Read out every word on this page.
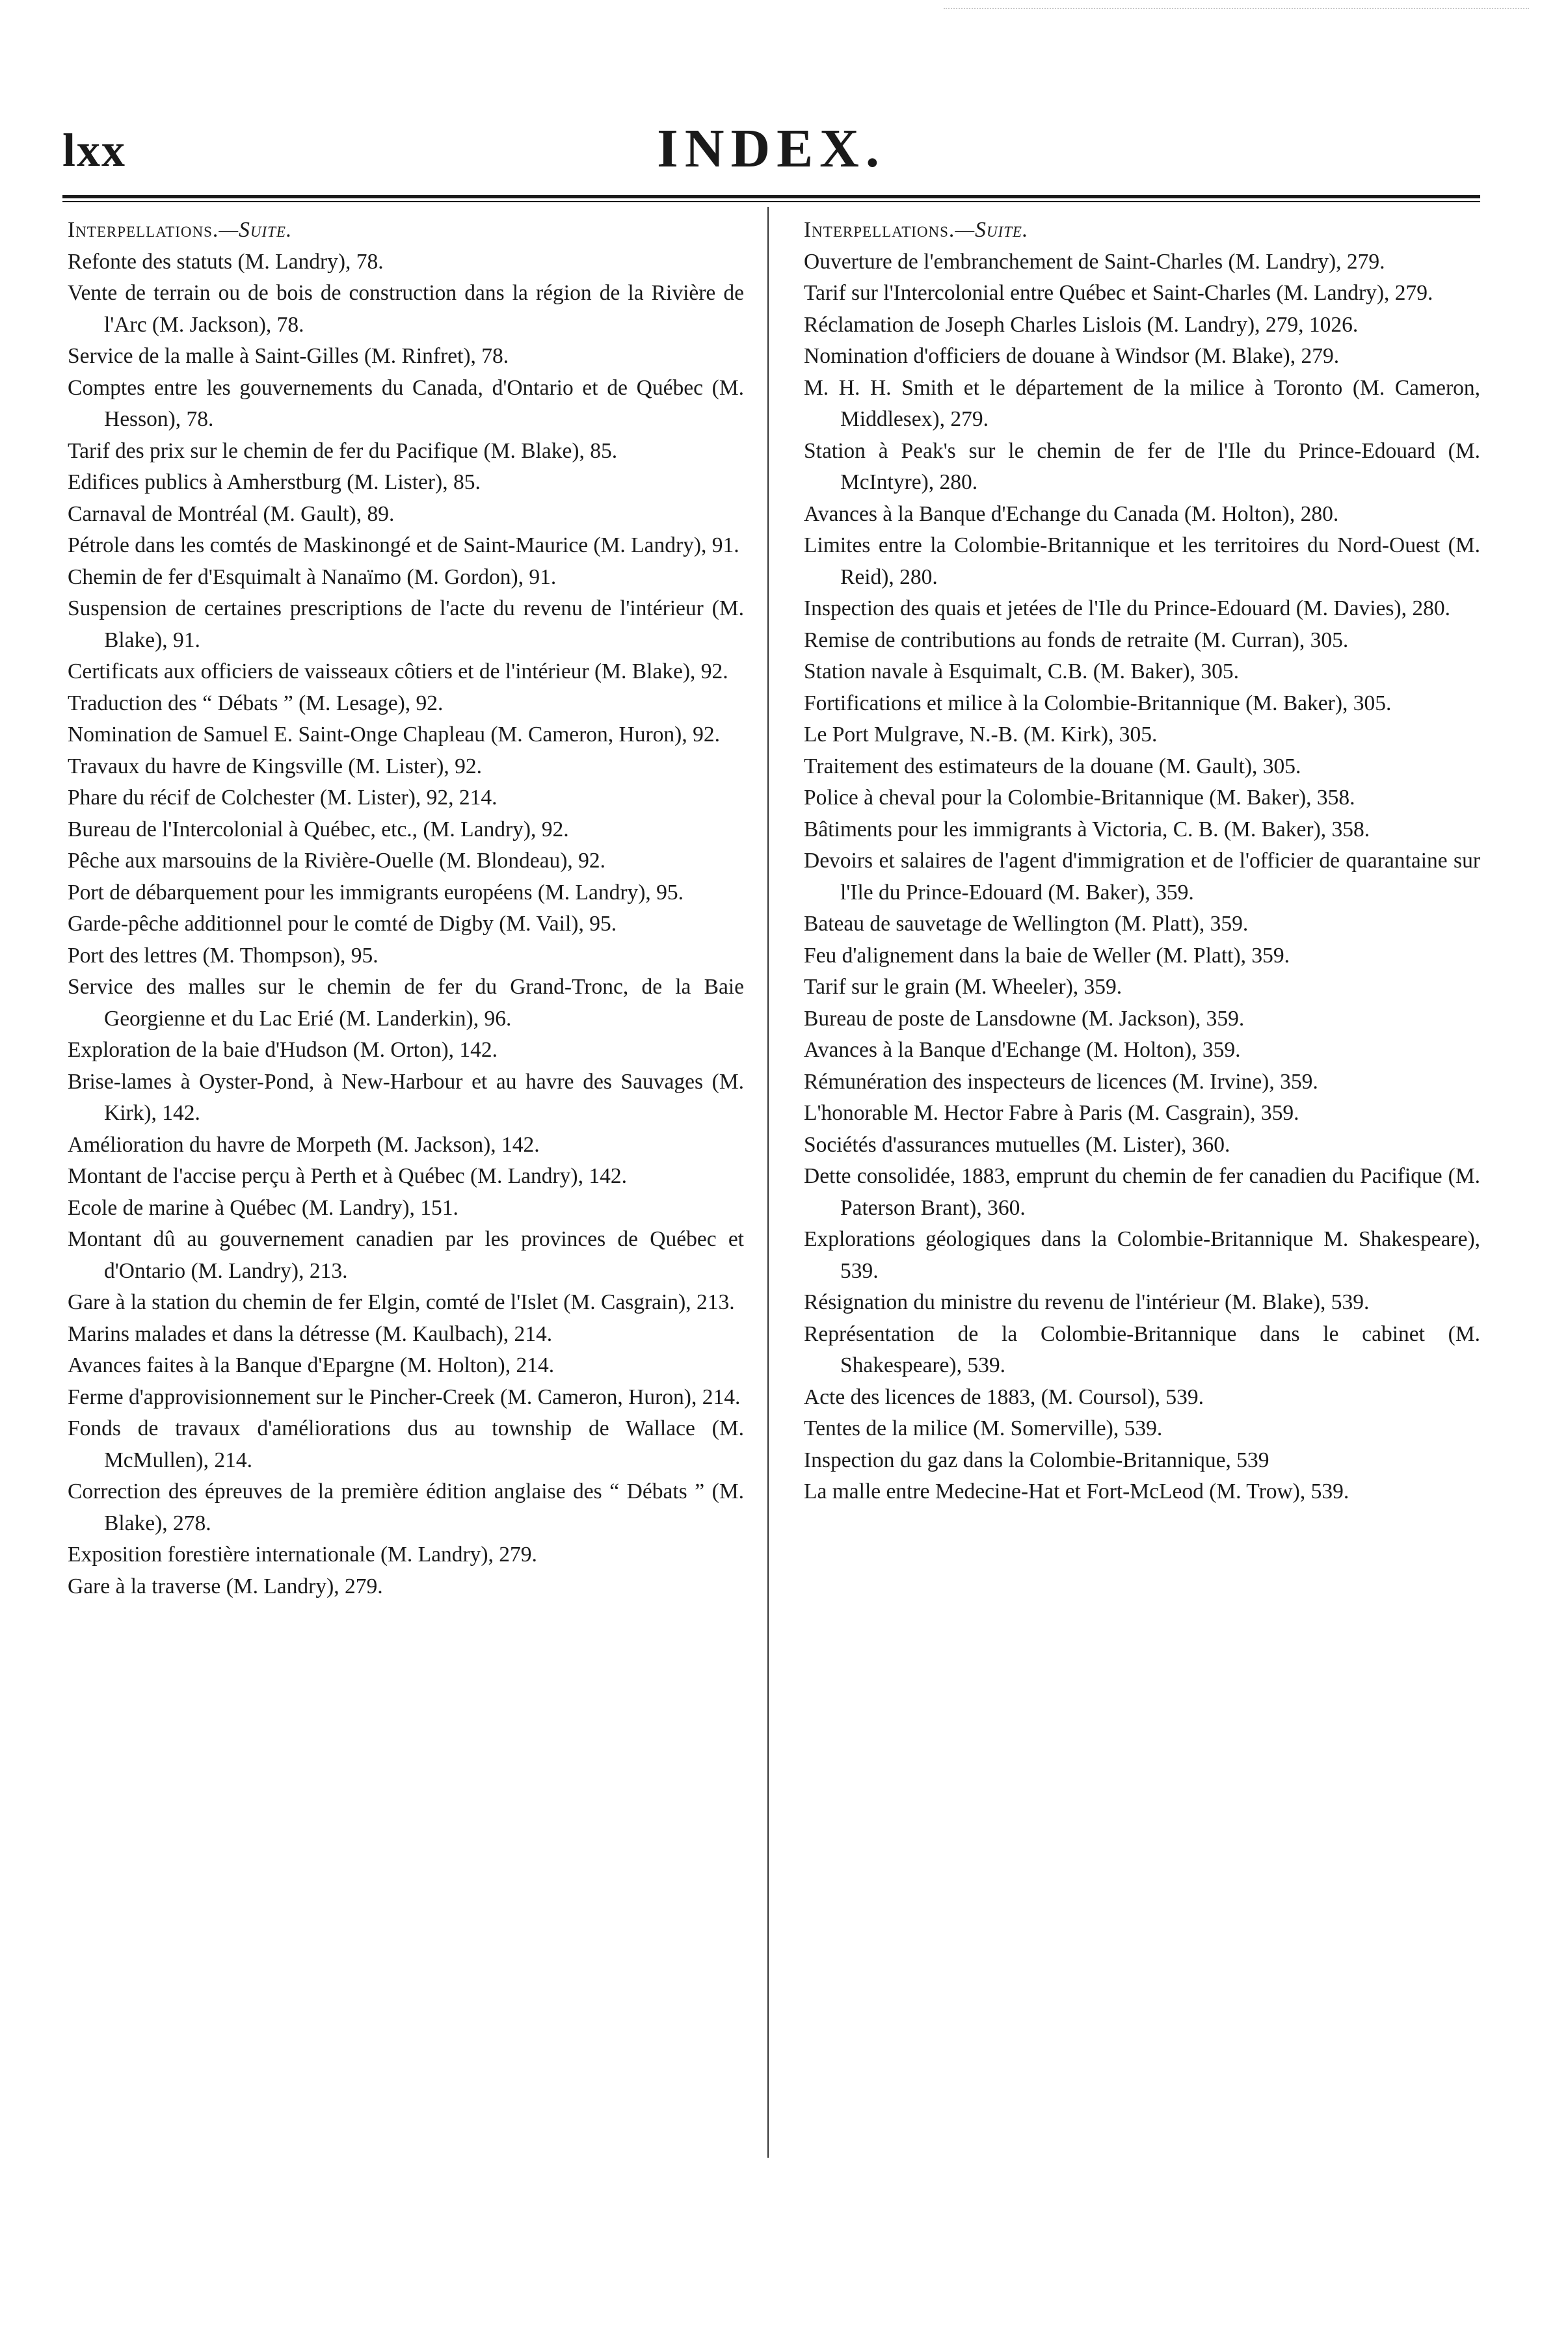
lxx	INDEX.
Interpellations.—Suite.

Refonte des statuts (M. Landry), 78.

Vente de terrain ou de bois de construction dans la région de la Rivière de l'Arc (M. Jackson), 78.

Service de la malle à Saint-Gilles (M. Rinfret), 78.

Comptes entre les gouvernements du Canada, d'Ontario et de Québec (M. Hesson), 78.

Tarif des prix sur le chemin de fer du Pacifique (M. Blake), 85.

Edifices publics à Amherstburg (M. Lister), 85.

Carnaval de Montréal (M. Gault), 89.

Pétrole dans les comtés de Maskinongé et de Saint-Maurice (M. Landry), 91.

Chemin de fer d'Esquimalt à Nanaïmo (M. Gordon), 91.

Suspension de certaines prescriptions de l'acte du revenu de l'intérieur (M. Blake), 91.

Certificats aux officiers de vaisseaux côtiers et de l'intérieur (M. Blake), 92.

Traduction des “ Débats ” (M. Lesage), 92.

Nomination de Samuel E. Saint-Onge Chapleau (M. Cameron, Huron), 92.

Travaux du havre de Kingsville (M. Lister), 92.

Phare du récif de Colchester (M. Lister), 92, 214.

Bureau de l'Intercolonial à Québec, etc., (M. Landry), 92.

Pêche aux marsouins de la Rivière-Ouelle (M. Blondeau), 92.

Port de débarquement pour les immigrants européens (M. Landry), 95.

Garde-pêche additionnel pour le comté de Digby (M. Vail), 95.

Port des lettres (M. Thompson), 95.

Service des malles sur le chemin de fer du Grand-Tronc, de la Baie Georgienne et du Lac Erié (M. Landerkin), 96.

Exploration de la baie d'Hudson (M. Orton), 142.

Brise-lames à Oyster-Pond, à New-Harbour et au havre des Sauvages (M. Kirk), 142.

Amélioration du havre de Morpeth (M. Jackson), 142.

Montant de l'accise perçu à Perth et à Québec (M. Landry), 142.

Ecole de marine à Québec (M. Landry), 151.

Montant dû au gouvernement canadien par les provinces de Québec et d'Ontario (M. Landry), 213.

Gare à la station du chemin de fer Elgin, comté de l'Islet (M. Casgrain), 213.

Marins malades et dans la détresse (M. Kaulbach), 214.

Avances faites à la Banque d'Epargne (M. Holton), 214.

Ferme d'approvisionnement sur le Pincher-Creek (M. Cameron, Huron), 214.

Fonds de travaux d'améliorations dus au township de Wallace (M. McMullen), 214.

Correction des épreuves de la première édition anglaise des “ Débats ” (M. Blake), 278.

Exposition forestière internationale (M. Landry), 279.

Gare à la traverse (M. Landry), 279.

Interpellations.—Suite.

Ouverture de l'embranchement de Saint-Charles (M. Landry), 279.

Tarif sur l'Intercolonial entre Québec et Saint-Charles (M. Landry), 279.

Réclamation de Joseph Charles Lislois (M. Landry), 279, 1026.

Nomination d'officiers de douane à Windsor (M. Blake), 279.

M. H. H. Smith et le département de la milice à Toronto (M. Cameron, Middlesex), 279.

Station à Peak's sur le chemin de fer de l'Ile du Prince-Edouard (M. McIntyre), 280.

Avances à la Banque d'Echange du Canada (M. Holton), 280.

Limites entre la Colombie-Britannique et les territoires du Nord-Ouest (M. Reid), 280.

Inspection des quais et jetées de l'Ile du Prince-Edouard (M. Davies), 280.

Remise de contributions au fonds de retraite (M. Curran), 305.

Station navale à Esquimalt, C.B. (M. Baker), 305.

Fortifications et milice à la Colombie-Britannique (M. Baker), 305.

Le Port Mulgrave, N.-B. (M. Kirk), 305.

Traitement des estimateurs de la douane (M. Gault), 305.

Police à cheval pour la Colombie-Britannique (M. Baker), 358.

Bâtiments pour les immigrants à Victoria, C. B. (M. Baker), 358.

Devoirs et salaires de l'agent d'immigration et de l'officier de quarantaine sur l'Ile du Prince-Edouard (M. Baker), 359.

Bateau de sauvetage de Wellington (M. Platt), 359.

Feu d'alignement dans la baie de Weller (M. Platt), 359.

Tarif sur le grain (M. Wheeler), 359.

Bureau de poste de Lansdowne (M. Jackson), 359.

Avances à la Banque d'Echange (M. Holton), 359.

Rémunération des inspecteurs de licences (M. Irvine), 359.

L'honorable M. Hector Fabre à Paris (M. Casgrain), 359.

Sociétés d'assurances mutuelles (M. Lister), 360.

Dette consolidée, 1883, emprunt du chemin de fer canadien du Pacifique (M. Paterson Brant), 360.

Explorations géologiques dans la Colombie-Britannique M. Shakespeare), 539.

Résignation du ministre du revenu de l'intérieur (M. Blake), 539.

Représentation de la Colombie-Britannique dans le cabinet (M. Shakespeare), 539.

Acte des licences de 1883, (M. Coursol), 539.

Tentes de la milice (M. Somerville), 539.

Inspection du gaz dans la Colombie-Britannique, 539

La malle entre Medecine-Hat et Fort-McLeod (M. Trow), 539.
